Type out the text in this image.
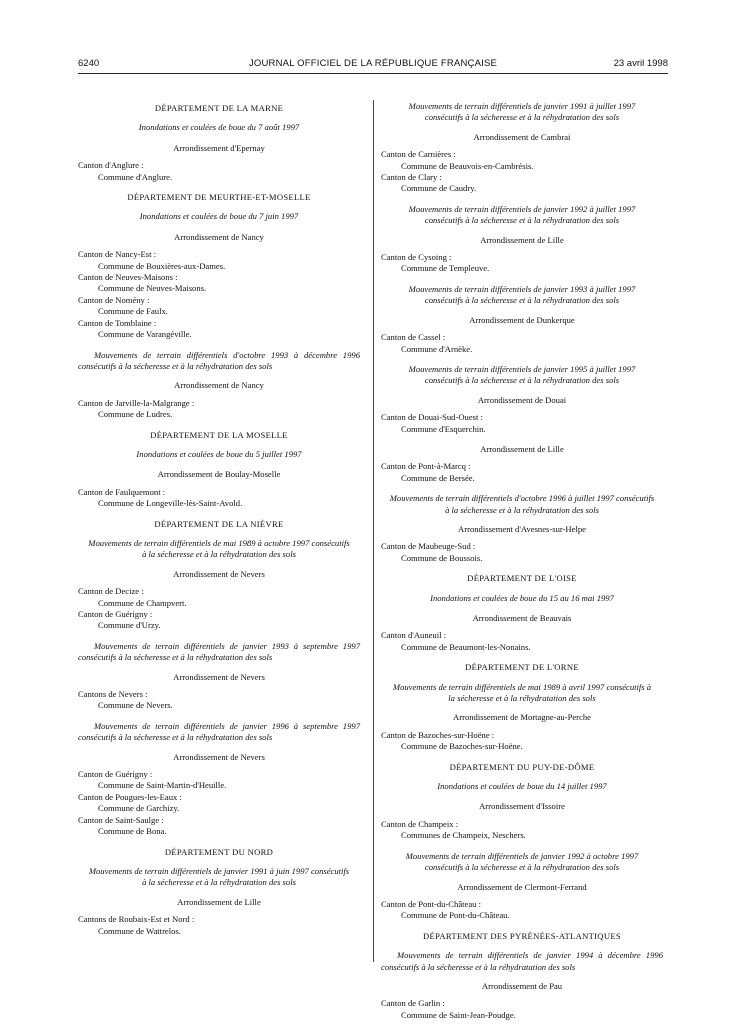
6240	JOURNAL OFFICIEL DE LA RÉPUBLIQUE FRANÇAISE	23 avril 1998
DÉPARTEMENT DE LA MARNE
Inondations et coulées de boue du 7 août 1997
Arrondissement d'Epernay
Canton d'Anglure :
Commune d'Anglure.
DÉPARTEMENT DE MEURTHE-ET-MOSELLE
Inondations et coulées de boue du 7 juin 1997
Arrondissement de Nancy
Canton de Nancy-Est :
Commune de Bouxières-aux-Dames.
Canton de Neuves-Maisons :
Commune de Neuves-Maisons.
Canton de Nomény :
Commune de Faulx.
Canton de Tomblaine :
Commune de Varangéville.
Mouvements de terrain différentiels d'octobre 1993 à décembre 1996 consécutifs à la sécheresse et à la réhydratation des sols
Arrondissement de Nancy
Canton de Jarville-la-Malgrange :
Commune de Ludres.
DÉPARTEMENT DE LA MOSELLE
Inondations et coulées de boue du 5 juillet 1997
Arrondissement de Boulay-Moselle
Canton de Faulquemont :
Commune de Longeville-lès-Saint-Avold.
DÉPARTEMENT DE LA NIÈVRE
Mouvements de terrain différentiels de mai 1989 à octobre 1997 consécutifs à la sécheresse et à la réhydratation des sols
Arrondissement de Nevers
Canton de Decize :
Commune de Champvert.
Canton de Guérigny :
Commune d'Urzy.
Mouvements de terrain différentiels de janvier 1993 à septembre 1997 consécutifs à la sécheresse et à la réhydratation des sols
Arrondissement de Nevers
Cantons de Nevers :
Commune de Nevers.
Mouvements de terrain différentiels de janvier 1996 à septembre 1997 consécutifs à la sécheresse et à la réhydratation des sols
Arrondissement de Nevers
Canton de Guérigny :
Commune de Saint-Martin-d'Heuille.
Canton de Pougues-les-Eaux :
Commune de Garchizy.
Canton de Saint-Saulge :
Commune de Bona.
DÉPARTEMENT DU NORD
Mouvements de terrain différentiels de janvier 1991 à juin 1997 consécutifs à la sécheresse et à la réhydratation des sols
Arrondissement de Lille
Cantons de Roubaix-Est et Nord :
Commune de Wattrelos.
Mouvements de terrain différentiels de janvier 1991 à juillet 1997 consécutifs à la sécheresse et à la réhydratation des sols
Arrondissement de Cambrai
Canton de Carnières :
Commune de Beauvois-en-Cambrésis.
Canton de Clary :
Commune de Caudry.
Mouvements de terrain différentiels de janvier 1992 à juillet 1997 consécutifs à la sécheresse et à la réhydratation des sols
Arrondissement de Lille
Canton de Cysoing :
Commune de Templeuve.
Mouvements de terrain différentiels de janvier 1993 à juillet 1997 consécutifs à la sécheresse et à la réhydratation des sols
Arrondissement de Dunkerque
Canton de Cassel :
Commune d'Arnèke.
Mouvements de terrain différentiels de janvier 1995 à juillet 1997 consécutifs à la sécheresse et à la réhydratation des sols
Arrondissement de Douai
Canton de Douai-Sud-Ouest :
Commune d'Esquerchin.
Arrondissement de Lille
Canton de Pont-à-Marcq :
Commune de Bersée.
Mouvements de terrain différentiels d'octobre 1996 à juillet 1997 consécutifs à la sécheresse et à la réhydratation des sols
Arrondissement d'Avesnes-sur-Helpe
Canton de Maubeuge-Sud :
Commune de Boussois.
DÉPARTEMENT DE L'OISE
Inondations et coulées de boue du 15 au 16 mai 1997
Arrondissement de Beauvais
Canton d'Auneuil :
Commune de Beaumont-les-Nonains.
DÉPARTEMENT DE L'ORNE
Mouvements de terrain différentiels de mai 1989 à avril 1997 consécutifs à la sécheresse et à la réhydratation des sols
Arrondissement de Mortagne-au-Perche
Canton de Bazoches-sur-Hoëne :
Commune de Bazoches-sur-Hoëne.
DÉPARTEMENT DU PUY-DE-DÔME
Inondations et coulées de boue du 14 juillet 1997
Arrondissement d'Issoire
Canton de Champeix :
Communes de Champeix, Neschers.
Mouvements de terrain différentiels de janvier 1992 à octobre 1997 consécutifs à la sécheresse et à la réhydratation des sols
Arrondissement de Clermont-Ferrand
Canton de Pont-du-Château :
Commune de Pont-du-Château.
DÉPARTEMENT DES PYRÉNÉES-ATLANTIQUES
Mouvements de terrain différentiels de janvier 1994 à décembre 1996 consécutifs à la sécheresse et à la réhydratation des sols
Arrondissement de Pau
Canton de Garlin :
Commune de Saint-Jean-Poudge.
